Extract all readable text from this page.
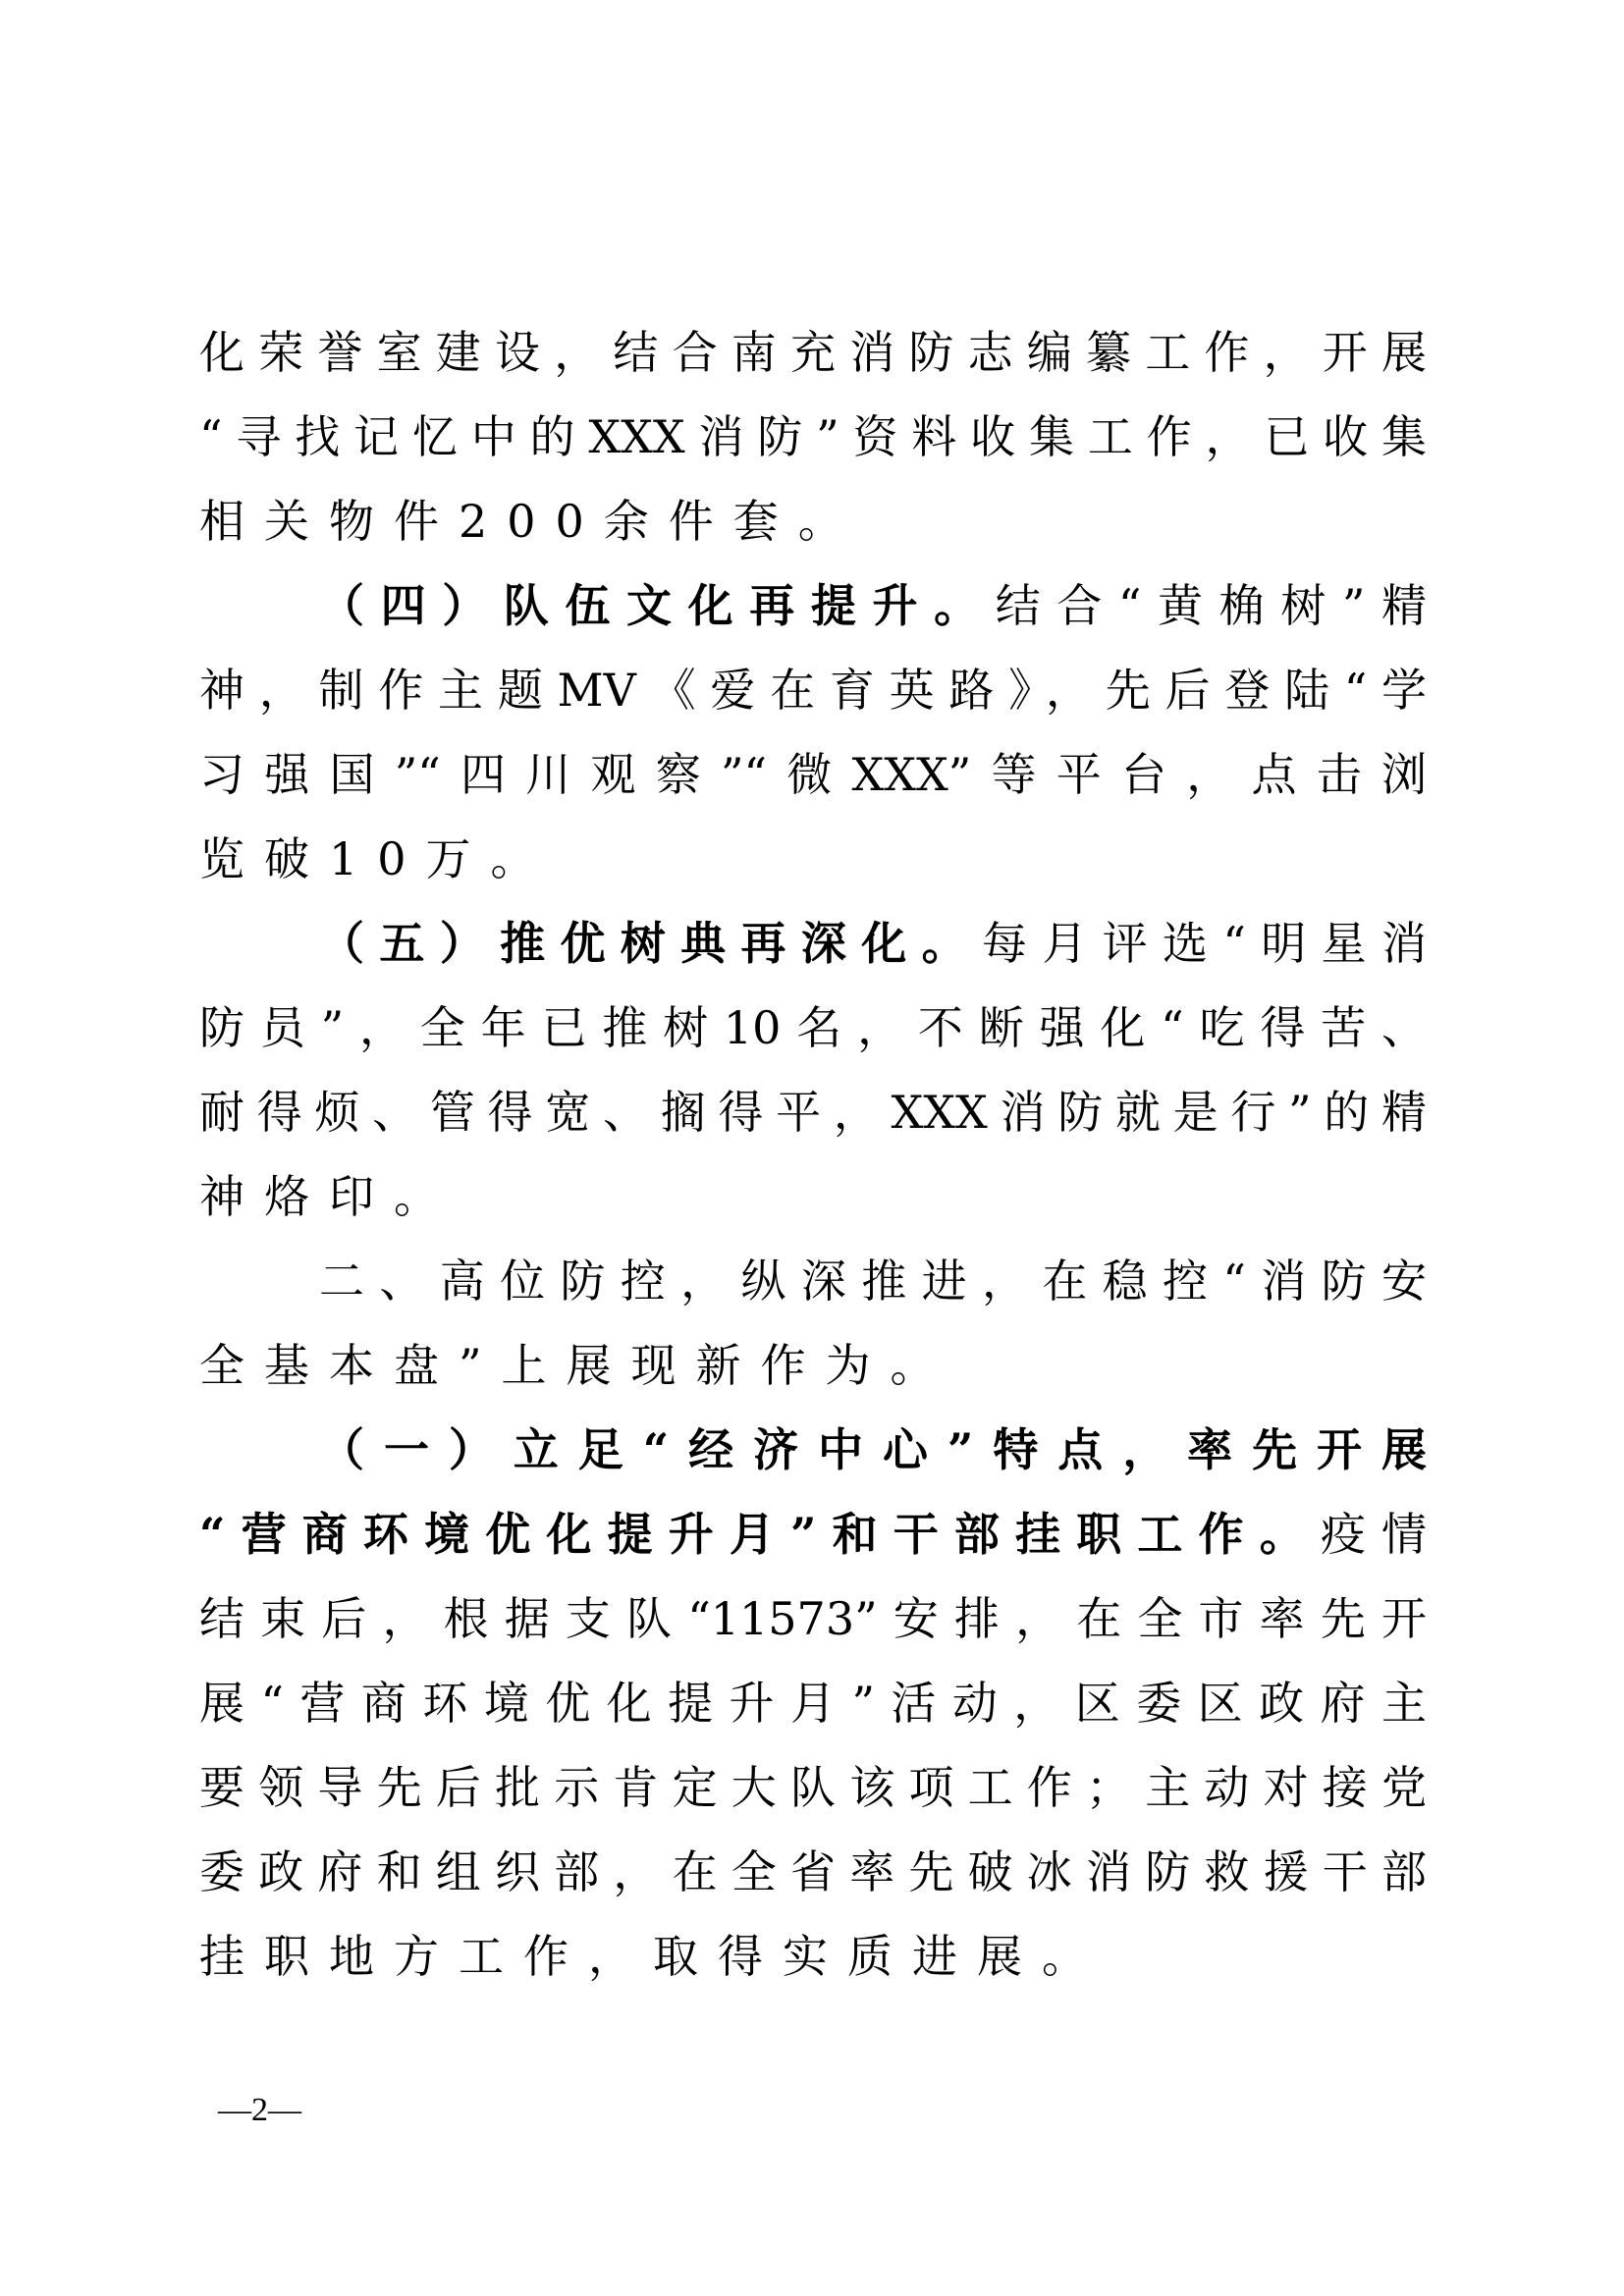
化荣誉室建设，结合南充消防志编纂工作，开展
“寻找记忆中的XXX消防”资料收集工作，已收集
相关物件200余件套。
（四）队伍文化再提升。结合“黄桷树”精
神，制作主题MV《爱在育英路》，先后登陆“学
习强国”“四川观察”“微XXX”等平台，点击浏
览破10万。
（五）推优树典再深化。每月评选“明星消
防员”，全年已推树10名，不断强化“吃得苦、
耐得烦、管得宽、搁得平，XXX消防就是行”的精
神烙印。
二、高位防控，纵深推进，在稳控“消防安
全基本盘”上展现新作为。
（一）立足“经济中心”特点，率先开展
“营商环境优化提升月”和干部挂职工作。疫情
结束后，根据支队“11573”安排，在全市率先开
展“营商环境优化提升月”活动，区委区政府主
要领导先后批示肯定大队该项工作；主动对接党
委政府和组织部，在全省率先破冰消防救援干部
挂职地方工作，取得实质进展。
—2—
